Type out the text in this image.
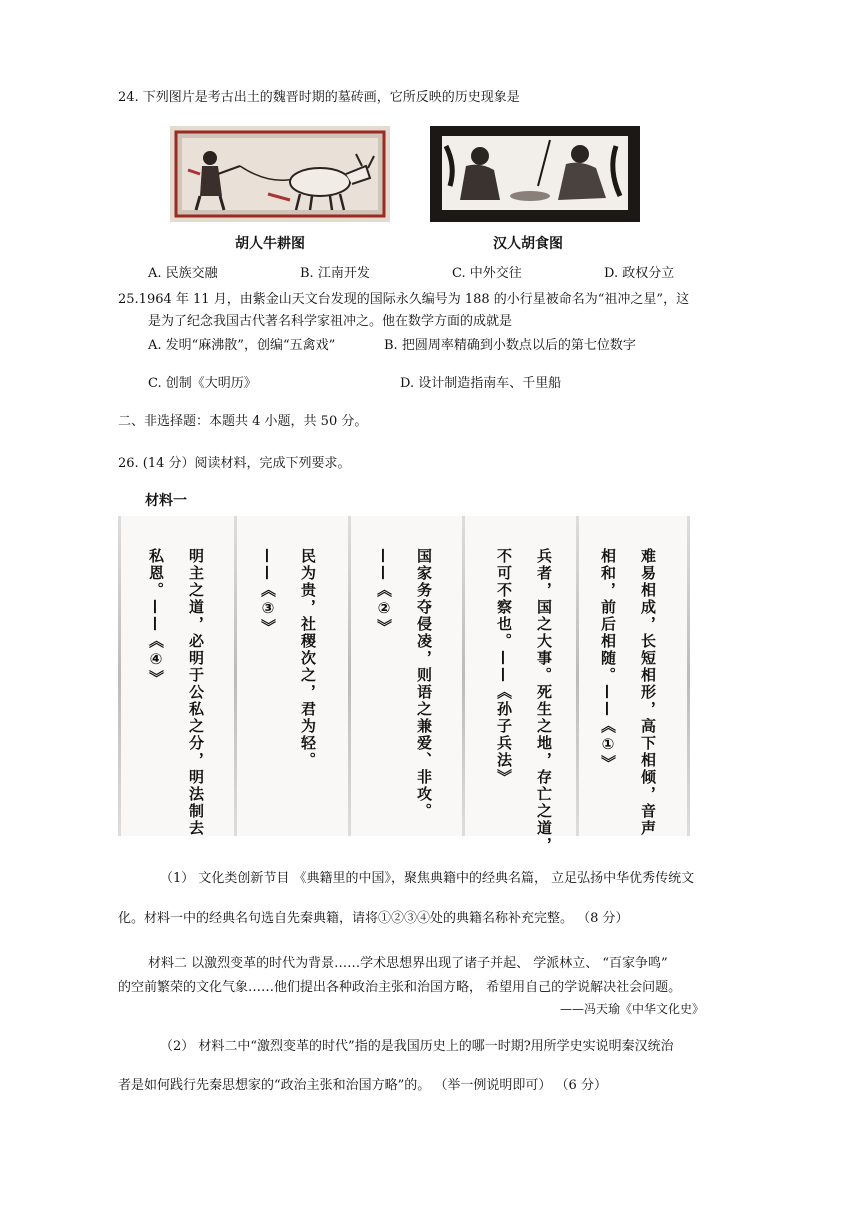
24. 下列图片是考古出土的魏晋时期的墓砖画，它所反映的历史现象是
胡人牛耕图	汉人胡食图
A. 民族交融	B. 江南开发	C. 中外交往	D. 政权分立
25.1964 年 11 月，由紫金山天文台发现的国际永久编号为 188 的小行星被命名为“祖冲之星”，这
是为了纪念我国古代著名科学家祖冲之。他在数学方面的成就是
A. 发明“麻沸散”，创编“五禽戏”	B. 把圆周率精确到小数点以后的第七位数字
C. 创制《大明历》	D. 设计制造指南车、千里船
二、非选择题：本题共 4 小题，共 50 分。
26. (14 分）阅读材料，完成下列要求。
材料一
难易相成，长短相形，高下相倾，音声
相和，前后相随。——《①》
兵者，国之大事。死生之地，存亡之道，
不可不察也。——《孙子兵法》
国家务夺侵凌，则语之兼爱、非攻。
——《②》
民为贵，社稷次之，君为轻。
——《③》
明主之道，必明于公私之分，明法制去
私恩。——《④》
（1） 文化类创新节目 《典籍里的中国》，聚焦典籍中的经典名篇， 立足弘扬中华优秀传统文
化。材料一中的经典名句选自先秦典籍，请将①②③④处的典籍名称补充完整。 （8 分）
材料二 以激烈变革的时代为背景……学术思想界出现了诸子并起、 学派林立、 “百家争鸣”
的空前繁荣的文化气象……他们提出各种政治主张和治国方略， 希望用自己的学说解决社会问题。
——冯天瑜《中华文化史》
（2） 材料二中“激烈变革的时代”指的是我国历史上的哪一时期?用所学史实说明秦汉统治
者是如何践行先秦思想家的“政治主张和治国方略”的。 （举一例说明即可） （6 分）
